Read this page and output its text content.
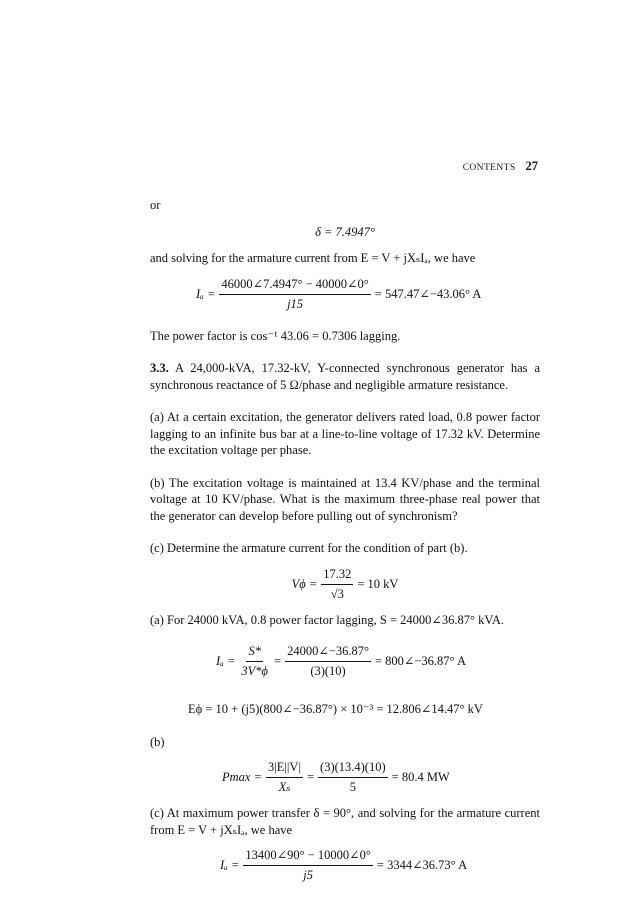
CONTENTS 27

or

δ = 7.4947°

and solving for the armature current from E = V + jXₛIₐ, we have

$I_a = \frac{46000\angle 7.4947^\circ - 40000\angle 0^\circ}{j15}$ = 547.47∠−43.06° A

The power factor is cos⁻¹ 43.06 = 0.7306 lagging.

3.3. A 24,000-kVA, 17.32-kV, Y-connected synchronous generator has a synchronous reactance of 5 Ω/phase and negligible armature resistance.

(a) At a certain excitation, the generator delivers rated load, 0.8 power factor lagging to an infinite bus bar at a line-to-line voltage of 17.32 kV. Determine the excitation voltage per phase.

(b) The excitation voltage is maintained at 13.4 KV/phase and the terminal voltage at 10 KV/phase. What is the maximum three-phase real power that the generator can develop before pulling out of synchronism?

(c) Determine the armature current for the condition of part (b).

$V\phi = \frac{17.32}{√3} = 10$ kV

(a) For 24000 kVA, 0.8 power factor lagging, S = 24000∠36.87° kVA.

$I_a = \frac{S*}{3V*\phi} = \frac{24000\angle-36.87^\circ}{(3)(10)}$ = 800∠−36.87° A
Eϕ = 10 + (j5)(800∠−36.87°) × 10⁻³ = 12.806∠14.47° kV

(b)

$Pmax = \frac{3|E||V|}{\text{Xₛ}} = \frac{(3)(13.4)(10)}{5} = 80.4$ MW

(c) At maximum power transfer δ = 90°, and solving for the armature current from E = V + jXₛIₐ, we have

$I_a = \frac{13400\angle 90^\circ - 10000\angle 0^\circ}{j5}$ = 3344∠36.73° A
